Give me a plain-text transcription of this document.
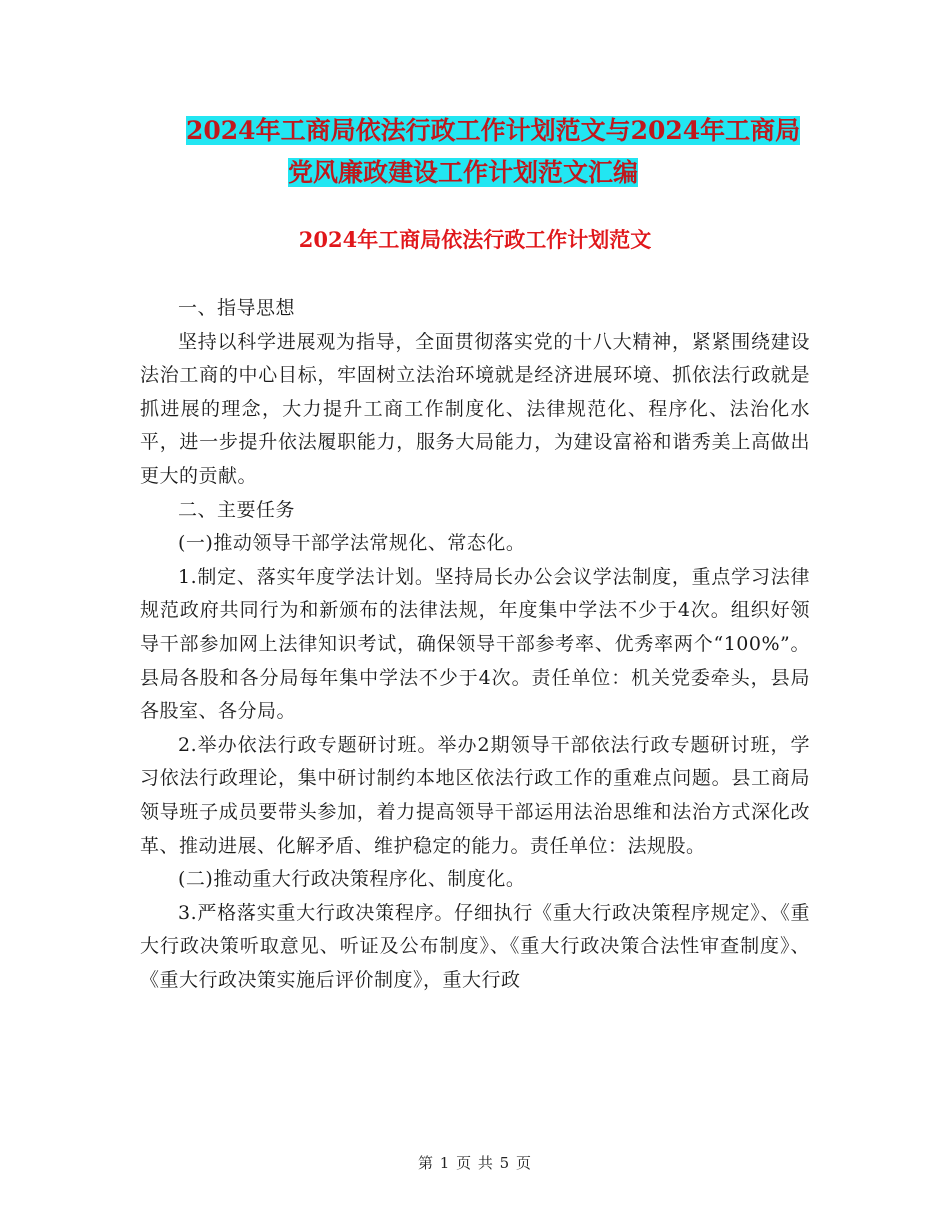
2024年工商局依法行政工作计划范文与2024年工商局
党风廉政建设工作计划范文汇编
2024年工商局依法行政工作计划范文

一、指导思想

坚持以科学进展观为指导，全面贯彻落实党的十八大精神，紧紧围绕建设法治工商的中心目标，牢固树立法治环境就是经济进展环境、抓依法行政就是抓进展的理念，大力提升工商工作制度化、法律规范化、程序化、法治化水平，进一步提升依法履职能力，服务大局能力，为建设富裕和谐秀美上高做出更大的贡献。

二、主要任务

(一)推动领导干部学法常规化、常态化。

1.制定、落实年度学法计划。坚持局长办公会议学法制度，重点学习法律规范政府共同行为和新颁布的法律法规，年度集中学法不少于4次。组织好领导干部参加网上法律知识考试，确保领导干部参考率、优秀率两个“100%”。县局各股和各分局每年集中学法不少于4次。责任单位：机关党委牵头，县局各股室、各分局。

2.举办依法行政专题研讨班。举办2期领导干部依法行政专题研讨班，学习依法行政理论，集中研讨制约本地区依法行政工作的重难点问题。县工商局领导班子成员要带头参加，着力提高领导干部运用法治思维和法治方式深化改革、推动进展、化解矛盾、维护稳定的能力。责任单位：法规股。

(二)推动重大行政决策程序化、制度化。

3.严格落实重大行政决策程序。仔细执行《重大行政决策程序规定》、《重大行政决策听取意见、听证及公布制度》、《重大行政决策合法性审查制度》、《重大行政决策实施后评价制度》，重大行政

第 1 页 共 5 页
